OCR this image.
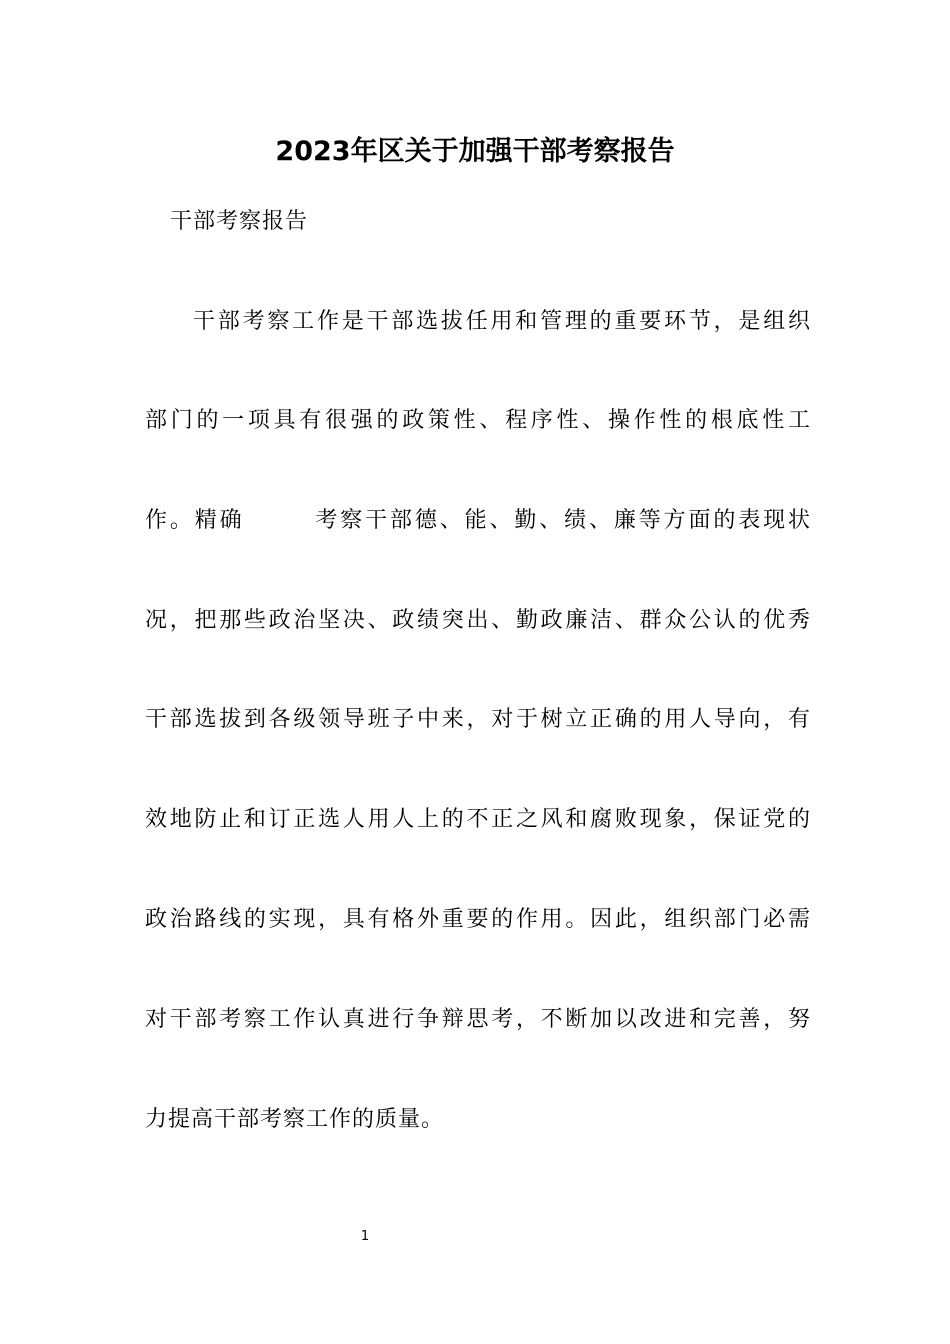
2023年区关于加强干部考察报告

干部考察报告

干部考察工作是干部选拔任用和管理的重要环节，是组织

部门的一项具有很强的政策性、程序性、操作性的根底性工

作。精确	考察干部德、能、勤、绩、廉等方面的表现状

况，把那些政治坚决、政绩突出、勤政廉洁、群众公认的优秀

干部选拔到各级领导班子中来，对于树立正确的用人导向，有

效地防止和订正选人用人上的不正之风和腐败现象，保证党的

政治路线的实现，具有格外重要的作用。因此，组织部门必需

对干部考察工作认真进行争辩思考，不断加以改进和完善，努

力提高干部考察工作的质量。

1
